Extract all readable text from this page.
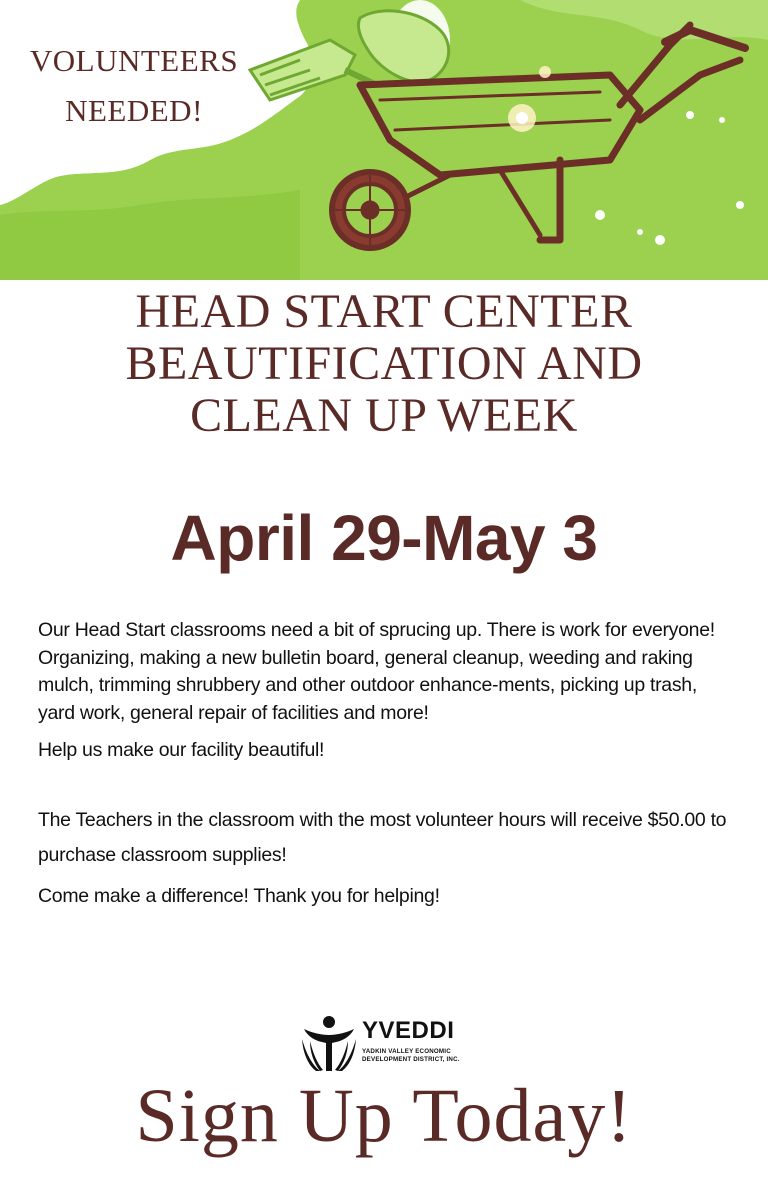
VOLUNTEERS
NEEDED!
HEAD START CENTER
BEAUTIFICATION AND
CLEAN UP WEEK
April 29-May 3

Our Head Start classrooms need a bit of sprucing up. There is work for everyone!

Organizing, making a new bulletin board, general cleanup, weeding and raking mulch, trimming shrubbery and other outdoor enhance-ments, picking up trash, yard work, general repair of facilities and more!

Help us make our facility beautiful!

The Teachers in the classroom with the most volunteer hours will receive $50.00 to purchase classroom supplies!

Come make a difference! Thank you for helping!

YVEDDI
YADKIN VALLEY ECONOMIC
DEVELOPMENT DISTRICT, INC.
Sign Up Today!
